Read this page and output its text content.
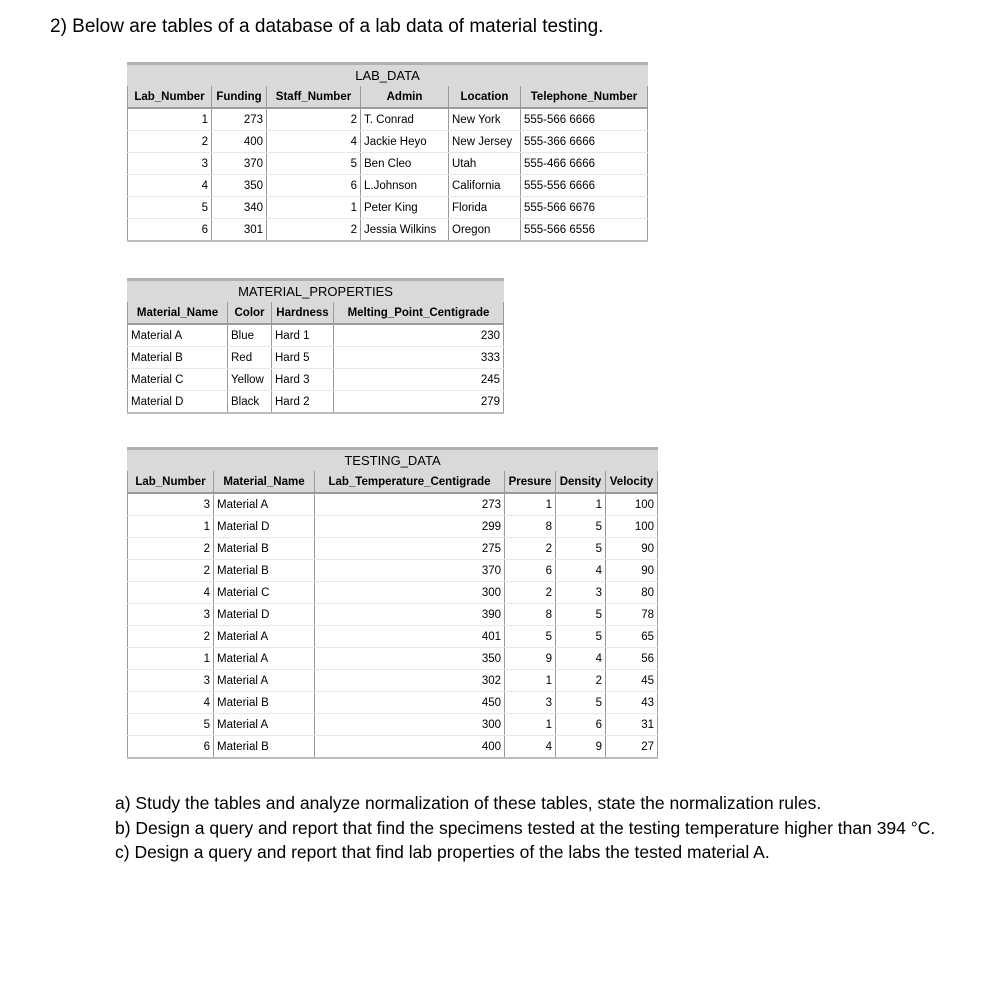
2) Below are tables of a database of a lab data of material testing.
LAB_DATA					
Lab_Number	Funding	Staff_Number	Admin	Location	Telephone_Number
1	273	2	T. Conrad	New York	555-566 6666
2	400	4	Jackie Heyo	New Jersey	555-366 6666
3	370	5	Ben Cleo	Utah	555-466 6666
4	350	6	L.Johnson	California	555-556 6666
5	340	1	Peter King	Florida	555-566 6676
6	301	2	Jessia Wilkins	Oregon	555-566 6556
MATERIAL_PROPERTIES			
Material_Name	Color	Hardness	Melting_Point_Centigrade
Material A	Blue	Hard 1	230
Material B	Red	Hard 5	333
Material C	Yellow	Hard 3	245
Material D	Black	Hard 2	279
TESTING_DATA					
Lab_Number	Material_Name	Lab_Temperature_Centigrade	Presure	Density	Velocity
3	Material A	273	1	1	100
1	Material D	299	8	5	100
2	Material B	275	2	5	90
2	Material B	370	6	4	90
4	Material C	300	2	3	80
3	Material D	390	8	5	78
2	Material A	401	5	5	65
1	Material A	350	9	4	56
3	Material A	302	1	2	45
4	Material B	450	3	5	43
5	Material A	300	1	6	31
6	Material B	400	4	9	27
a) Study the tables and analyze normalization of these tables, state the normalization rules.
b) Design a query and report that find the specimens tested at the testing temperature higher than 394 °C.
c) Design a query and report that find lab properties of the labs the tested material A.
